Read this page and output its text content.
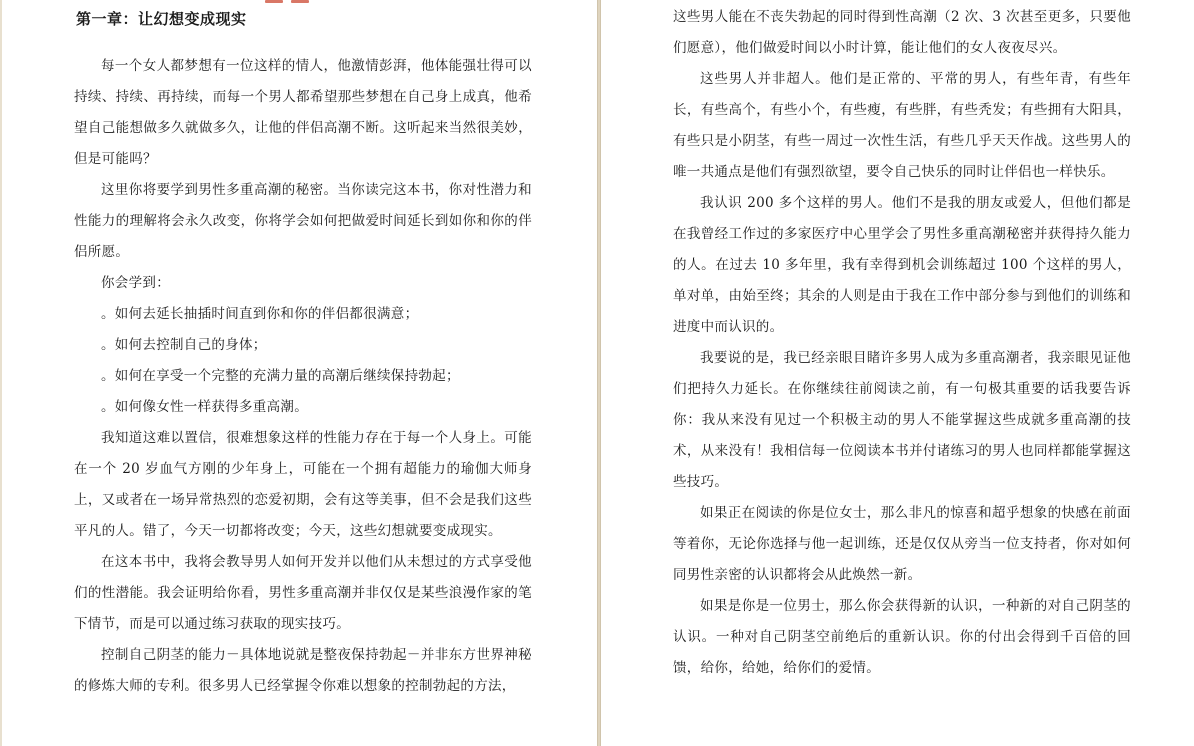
第一章：让幻想变成现实

每一个女人都梦想有一位这样的情人，他激情彭湃，他体能强壮得可以持续、持续、再持续，而每一个男人都希望那些梦想在自己身上成真，他希望自己能想做多久就做多久，让他的伴侣高潮不断。这听起来当然很美妙，但是可能吗？

这里你将要学到男性多重高潮的秘密。当你读完这本书，你对性潜力和性能力的理解将会永久改变，你将学会如何把做爱时间延长到如你和你的伴侣所愿。

你会学到：

。如何去延长抽插时间直到你和你的伴侣都很满意；

。如何去控制自己的身体；

。如何在享受一个完整的充满力量的高潮后继续保持勃起；

。如何像女性一样获得多重高潮。

我知道这难以置信，很难想象这样的性能力存在于每一个人身上。可能在一个 20 岁血气方刚的少年身上，可能在一个拥有超能力的瑜伽大师身上，又或者在一场异常热烈的恋爱初期，会有这等美事，但不会是我们这些平凡的人。错了，今天一切都将改变；今天，这些幻想就要变成现实。

在这本书中，我将会教导男人如何开发并以他们从未想过的方式享受他们的性潜能。我会证明给你看，男性多重高潮并非仅仅是某些浪漫作家的笔下情节，而是可以通过练习获取的现实技巧。

控制自己阴茎的能力－具体地说就是整夜保持勃起－并非东方世界神秘的修炼大师的专利。很多男人已经掌握令你难以想象的控制勃起的方法，

这些男人能在不丧失勃起的同时得到性高潮（2 次、3 次甚至更多，只要他们愿意），他们做爱时间以小时计算，能让他们的女人夜夜尽兴。

这些男人并非超人。他们是正常的、平常的男人，有些年青，有些年长，有些高个，有些小个，有些瘦，有些胖，有些秃发；有些拥有大阳具，有些只是小阴茎，有些一周过一次性生活，有些几乎天天作战。这些男人的唯一共通点是他们有强烈欲望，要令自己快乐的同时让伴侣也一样快乐。

我认识 200 多个这样的男人。他们不是我的朋友或爱人，但他们都是在我曾经工作过的多家医疗中心里学会了男性多重高潮秘密并获得持久能力的人。在过去 10 多年里，我有幸得到机会训练超过 100 个这样的男人，单对单，由始至终；其余的人则是由于我在工作中部分参与到他们的训练和进度中而认识的。

我要说的是，我已经亲眼目睹许多男人成为多重高潮者，我亲眼见证他们把持久力延长。在你继续往前阅读之前，有一句极其重要的话我要告诉你：我从来没有见过一个积极主动的男人不能掌握这些成就多重高潮的技术，从来没有！我相信每一位阅读本书并付诸练习的男人也同样都能掌握这些技巧。

如果正在阅读的你是位女士，那么非凡的惊喜和超乎想象的快感在前面等着你，无论你选择与他一起训练，还是仅仅从旁当一位支持者，你对如何同男性亲密的认识都将会从此焕然一新。

如果是你是一位男士，那么你会获得新的认识，一种新的对自己阴茎的认识。一种对自己阴茎空前绝后的重新认识。你的付出会得到千百倍的回馈，给你，给她，给你们的爱情。
